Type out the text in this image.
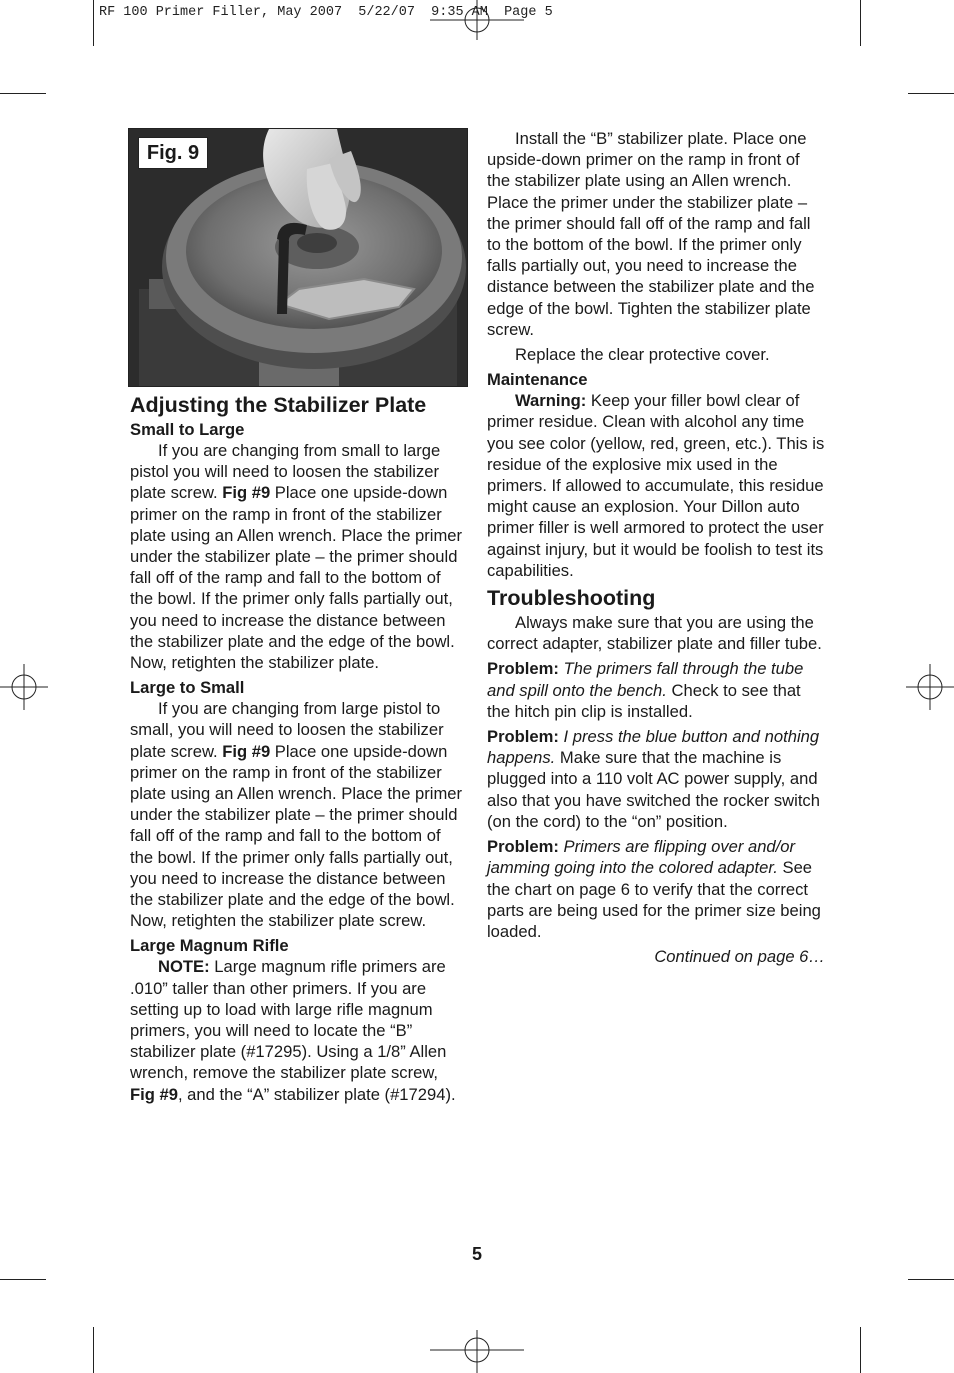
RF 100 Primer Filler, May 2007  5/22/07  9:35 AM  Page 5
Fig. 9
Adjusting the Stabilizer Plate
Small to Large

If you are changing from small to large pistol you will need to loosen the stabilizer plate screw. Fig #9 Place one upside-down primer on the ramp in front of the stabilizer plate using an Allen wrench. Place the primer under the stabilizer plate – the primer should fall off of the ramp and fall to the bottom of the bowl. If the primer only falls partially out, you need to increase the distance between the stabilizer plate and the edge of the bowl. Now, retighten the stabilizer plate.

Large to Small

If you are changing from large pistol to small, you will need to loosen the stabilizer plate screw. Fig #9 Place one upside-down primer on the ramp in front of the stabilizer plate using an Allen wrench. Place the primer under the stabilizer plate – the primer should fall off of the ramp and fall to the bottom of the bowl. If the primer only falls partially out, you need to increase the distance between the stabilizer plate and the edge of the bowl. Now, retighten the stabilizer plate screw.

Large Magnum Rifle

NOTE: Large magnum rifle primers are .010” taller than other primers. If you are setting up to load with large rifle magnum primers, you will need to locate the “B” stabilizer plate (#17295). Using a 1/8” Allen wrench, remove the stabilizer plate screw, Fig #9, and the “A” stabilizer plate (#17294).

Install the “B” stabilizer plate. Place one upside-down primer on the ramp in front of the stabilizer plate using an Allen wrench. Place the primer under the stabilizer plate – the primer should fall off of the ramp and fall to the bottom of the bowl. If the primer only falls partially out, you need to increase the distance between the stabilizer plate and the edge of the bowl. Tighten the stabilizer plate screw.

Replace the clear protective cover.

Maintenance

Warning: Keep your filler bowl clear of primer residue. Clean with alcohol any time you see color (yellow, red, green, etc.). This is residue of the explosive mix used in the primers. If allowed to accumulate, this residue might cause an explosion. Your Dillon auto primer filler is well armored to protect the user against injury, but it would be foolish to test its capabilities.

Troubleshooting

Always make sure that you are using the correct adapter, stabilizer plate and filler tube.

Problem: The primers fall through the tube and spill onto the bench. Check to see that the hitch pin clip is installed.

Problem: I press the blue button and nothing happens. Make sure that the machine is plugged into a 110 volt AC power supply, and also that you have switched the rocker switch (on the cord) to the “on” position.

Problem: Primers are flipping over and/or jamming going into the colored adapter. See the chart on page 6 to verify that the correct parts are being used for the primer size being loaded.

Continued on page 6…

5
